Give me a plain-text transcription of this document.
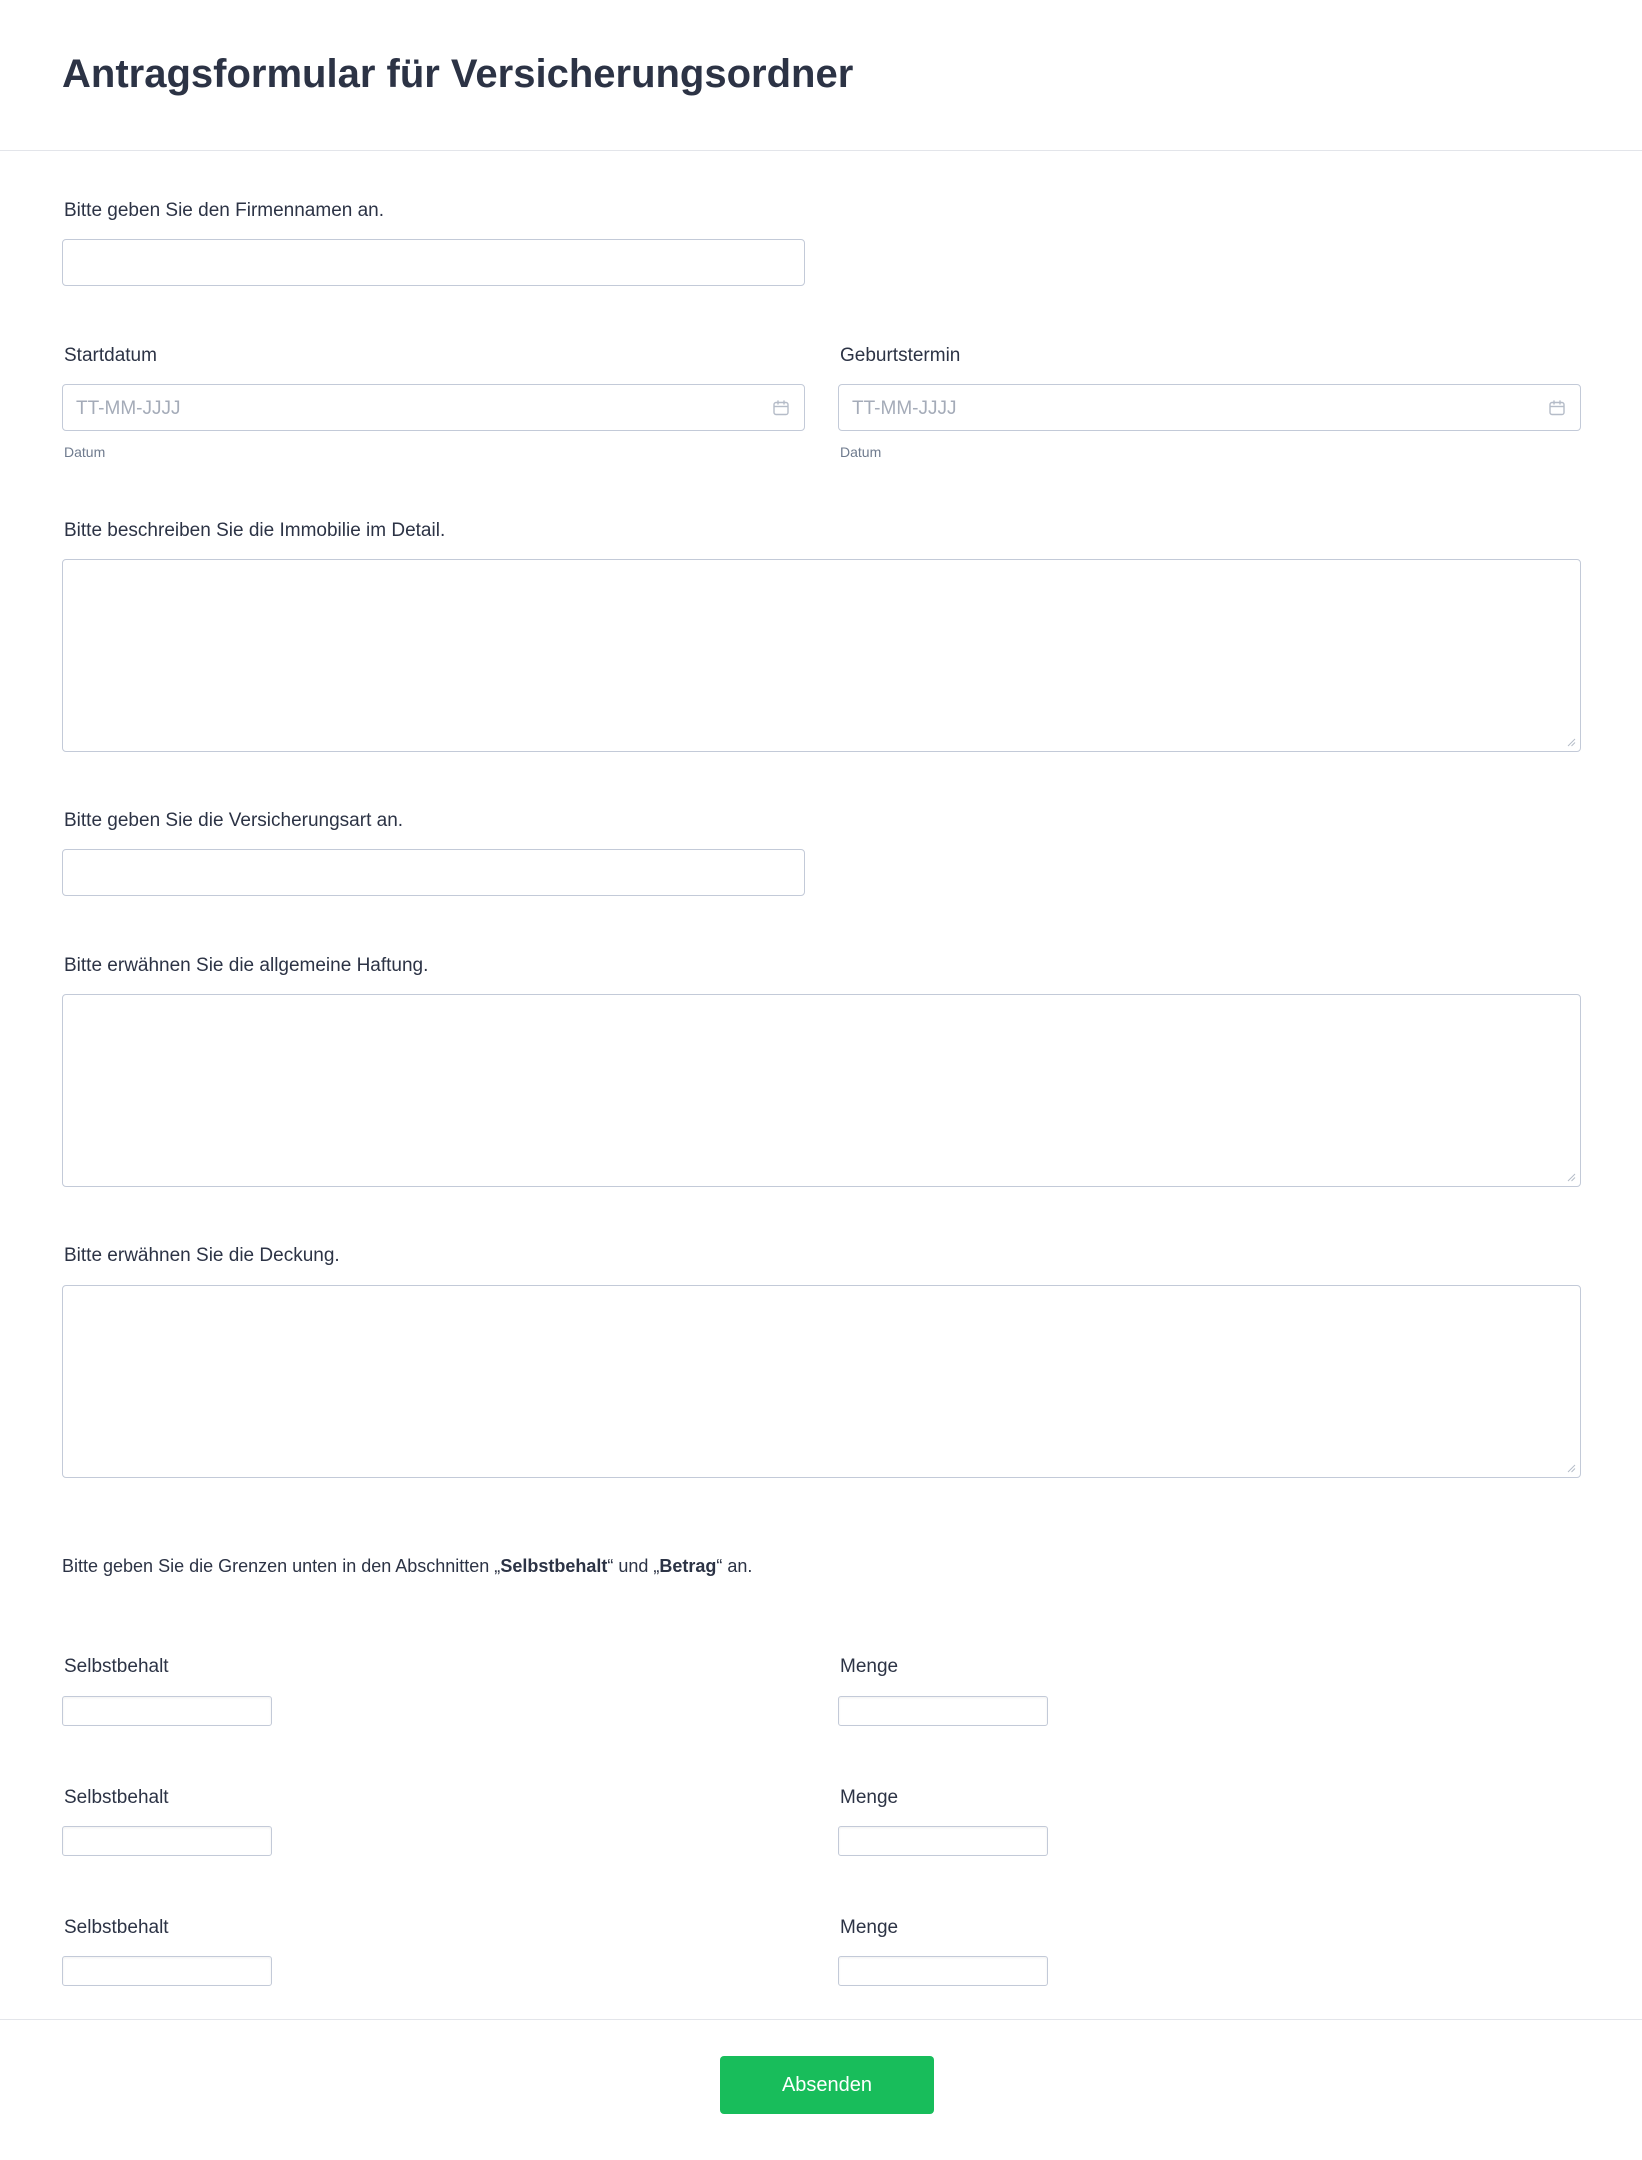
Antragsformular für Versicherungsordner
Bitte geben Sie den Firmennamen an.
Startdatum
TT-MM-JJJJ
Datum
Geburtstermin
TT-MM-JJJJ
Datum
Bitte beschreiben Sie die Immobilie im Detail.
Bitte geben Sie die Versicherungsart an.
Bitte erwähnen Sie die allgemeine Haftung.
Bitte erwähnen Sie die Deckung.
Bitte geben Sie die Grenzen unten in den Abschnitten „Selbstbehalt“ und „Betrag“ an.
Selbstbehalt	Menge
Selbstbehalt	Menge
Selbstbehalt	Menge
Absenden
